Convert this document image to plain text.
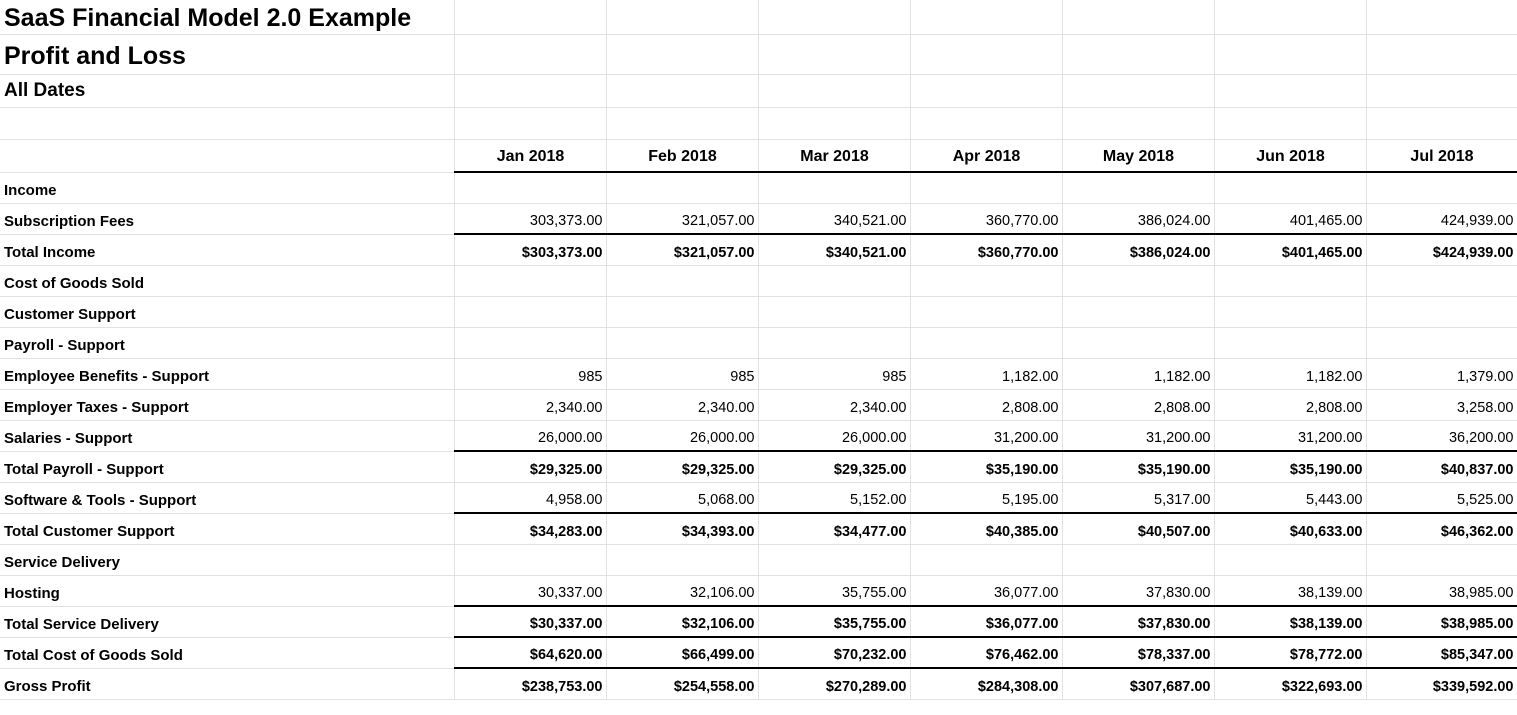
SaaS Financial Model 2.0 Example							
Profit and Loss							
All Dates							

	Jan 2018	Feb 2018	Mar 2018	Apr 2018	May 2018	Jun 2018	Jul 2018
Income							
Subscription Fees	303,373.00	321,057.00	340,521.00	360,770.00	386,024.00	401,465.00	424,939.00
Total Income	$303,373.00	$321,057.00	$340,521.00	$360,770.00	$386,024.00	$401,465.00	$424,939.00
Cost of Goods Sold							
Customer Support							
Payroll - Support							
Employee Benefits - Support	985	985	985	1,182.00	1,182.00	1,182.00	1,379.00
Employer Taxes - Support	2,340.00	2,340.00	2,340.00	2,808.00	2,808.00	2,808.00	3,258.00
Salaries - Support	26,000.00	26,000.00	26,000.00	31,200.00	31,200.00	31,200.00	36,200.00
Total Payroll - Support	$29,325.00	$29,325.00	$29,325.00	$35,190.00	$35,190.00	$35,190.00	$40,837.00
Software & Tools - Support	4,958.00	5,068.00	5,152.00	5,195.00	5,317.00	5,443.00	5,525.00
Total Customer Support	$34,283.00	$34,393.00	$34,477.00	$40,385.00	$40,507.00	$40,633.00	$46,362.00
Service Delivery							
Hosting	30,337.00	32,106.00	35,755.00	36,077.00	37,830.00	38,139.00	38,985.00
Total Service Delivery	$30,337.00	$32,106.00	$35,755.00	$36,077.00	$37,830.00	$38,139.00	$38,985.00
Total Cost of Goods Sold	$64,620.00	$66,499.00	$70,232.00	$76,462.00	$78,337.00	$78,772.00	$85,347.00
Gross Profit	$238,753.00	$254,558.00	$270,289.00	$284,308.00	$307,687.00	$322,693.00	$339,592.00
